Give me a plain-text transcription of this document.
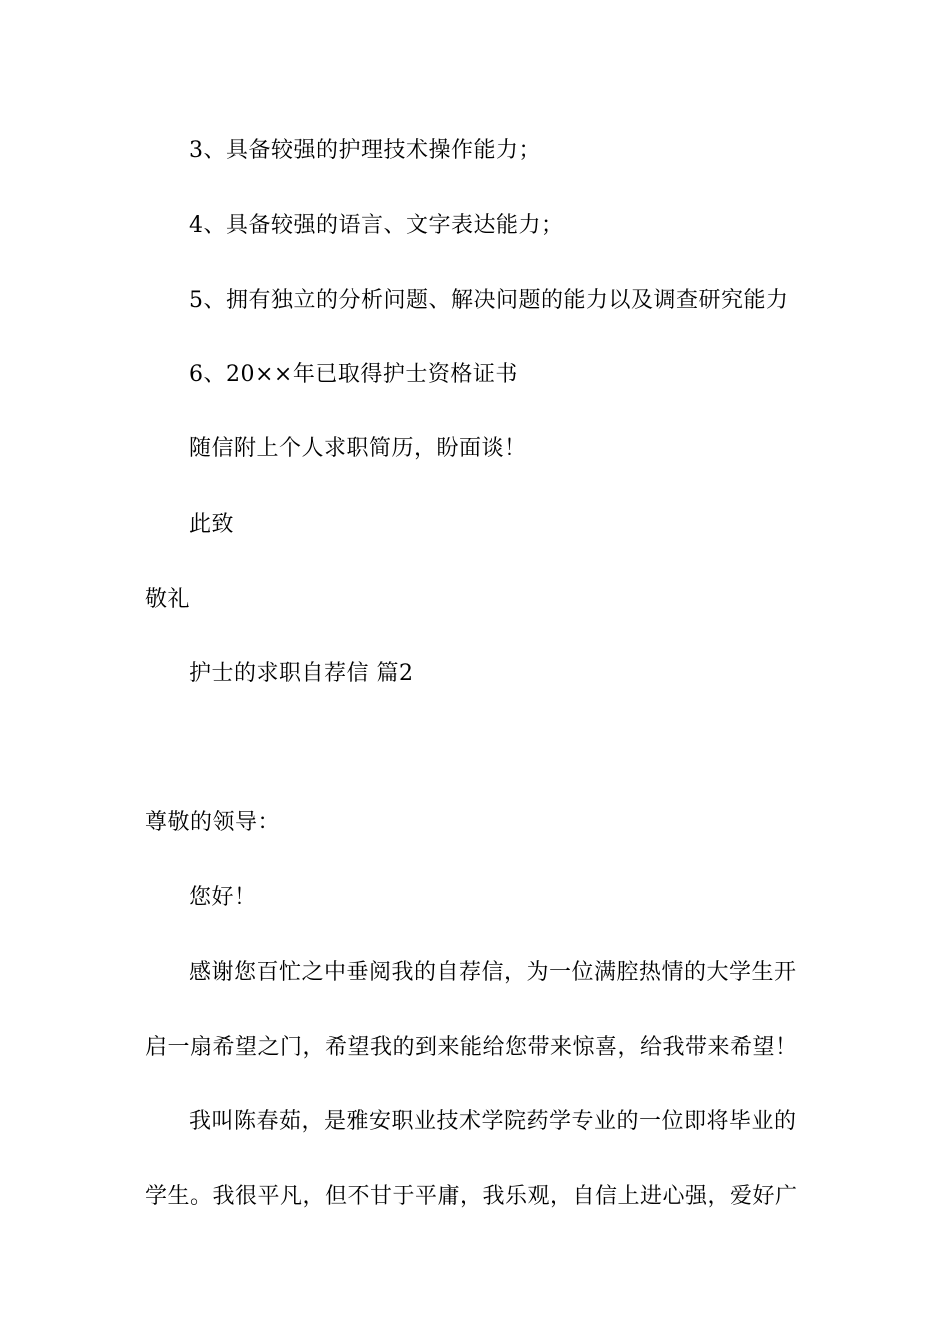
3、具备较强的护理技术操作能力；

4、具备较强的语言、文字表达能力；

5、拥有独立的分析问题、解决问题的能力以及调查研究能力

6、20××年已取得护士资格证书

随信附上个人求职简历，盼面谈！

此致

敬礼

护士的求职自荐信 篇2

尊敬的领导：

您好！

感谢您百忙之中垂阅我的自荐信，为一位满腔热情的大学生开

启一扇希望之门，希望我的到来能给您带来惊喜，给我带来希望！

我叫陈春茹，是雅安职业技术学院药学专业的一位即将毕业的

学生。我很平凡，但不甘于平庸，我乐观，自信上进心强，爱好广
